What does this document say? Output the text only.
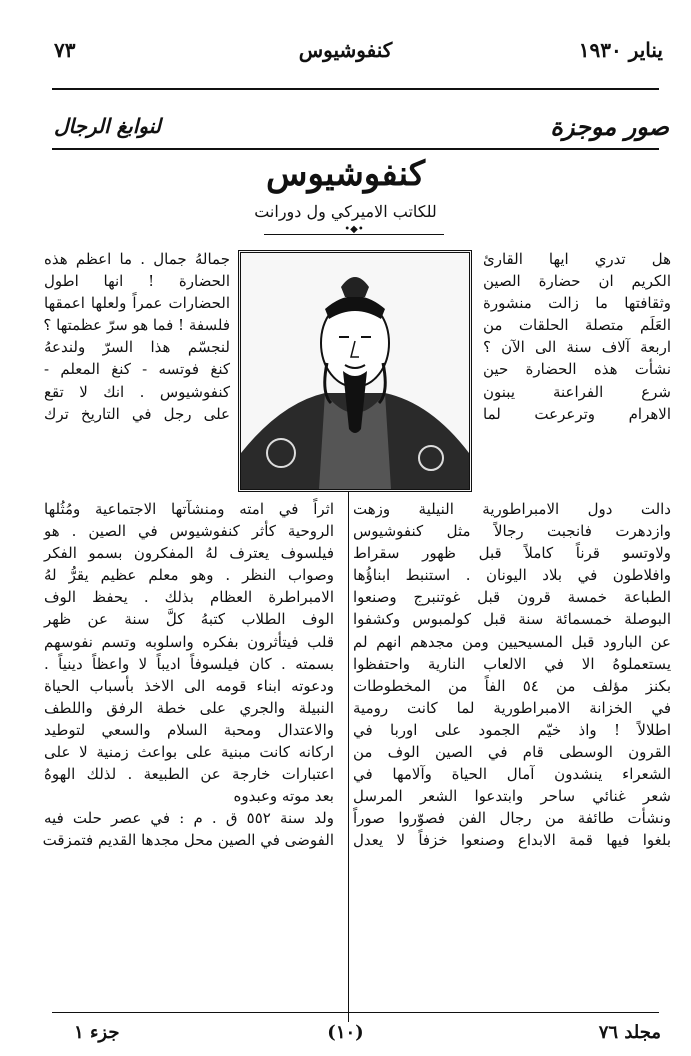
يناير ١٩٣٠
كنفوشيوس
٧٣
صور موجزة
لنوابغ الرجال
كنفوشيوس
للكاتب الاميركي ول دورانت
•◆•

هل تدري ايها القارئ

الكريم ان حضارة الصين

وثقافتها ما زالت منشورة

العَلَم متصلة الحلقات من

اربعة آلاف سنة الى الآن ؟

نشأت هذه الحضارة حين

شرع الفراعنة يبنون

الاهرام وترعرعت لما

جمالهُ جمال . ما اعظم هذه

الحضارة ! انها اطول

الحضارات عمراً ولعلها اعمقها

فلسفة ! فما هو سرّ عظمتها ؟

لنجسّم هذا السرّ ولندعهُ

كنغ فوتسه - كنغ المعلم -

كنفوشيوس . انك لا تقع

على رجل في التاريخ ترك

دالت دول الامبراطورية النيلية وزهت

وازدهرت فانجبت رجالاً مثل كنفوشيوس

ولاوتسو قرناً كاملاً قبل ظهور سقراط

وافلاطون في بلاد اليونان . استنبط ابناؤُها

الطباعة خمسة قرون قبل غوتنبرج وصنعوا

البوصلة خمسمائة سنة قبل كولمبوس وكشفوا

عن البارود قبل المسيحيين ومن مجدهم انهم لم

يستعملوهُ الا في الالعاب النارية واحتفظوا

بكنز مؤلف من ٥٤ الفاً من المخطوطات

في الخزانة الامبراطورية لما كانت رومية

اطلالاً ! واذ خيّم الجمود على اوربا في

القرون الوسطى قام في الصين الوف من

الشعراء ينشدون آمال الحياة وآلامها في

شعر غنائي ساحر وابتدعوا الشعر المرسل

ونشأت طائفة من رجال الفن فصوّروا صوراً

بلغوا فيها قمة الابداع وصنعوا خزفاً لا يعدل

اثراً في امته ومنشآتها الاجتماعية ومُثُلها

الروحية كأثر كنفوشيوس في الصين . هو

فيلسوف يعترف لهُ المفكرون بسمو الفكر

وصواب النظر . وهو معلم عظيم يقرُّ لهُ

الامبراطرة العظام بذلك . يحفظ الوف

الوف الطلاب كتبهُ كلَّ سنة عن ظهر

قلب فيتأثرون بفكره واسلوبه وتسم نفوسهم

بسمته . كان فيلسوفاً اديباً لا واعظاً دينياً .

ودعوته ابناء قومه الى الاخذ بأسباب الحياة

النبيلة والجري على خطة الرفق واللطف

والاعتدال ومحبة السلام والسعي لتوطيد

اركانه كانت مبنية على بواعث زمنية لا على

اعتبارات خارجة عن الطبيعة . لذلك الهوهُ

بعد موته وعبدوه

ولد سنة ٥٥٢ ق . م : في عصر حلت فيه

الفوضى في الصين محل مجدها القديم فتمزقت

مجلد ٧٦
(١٠)
جزء ١
